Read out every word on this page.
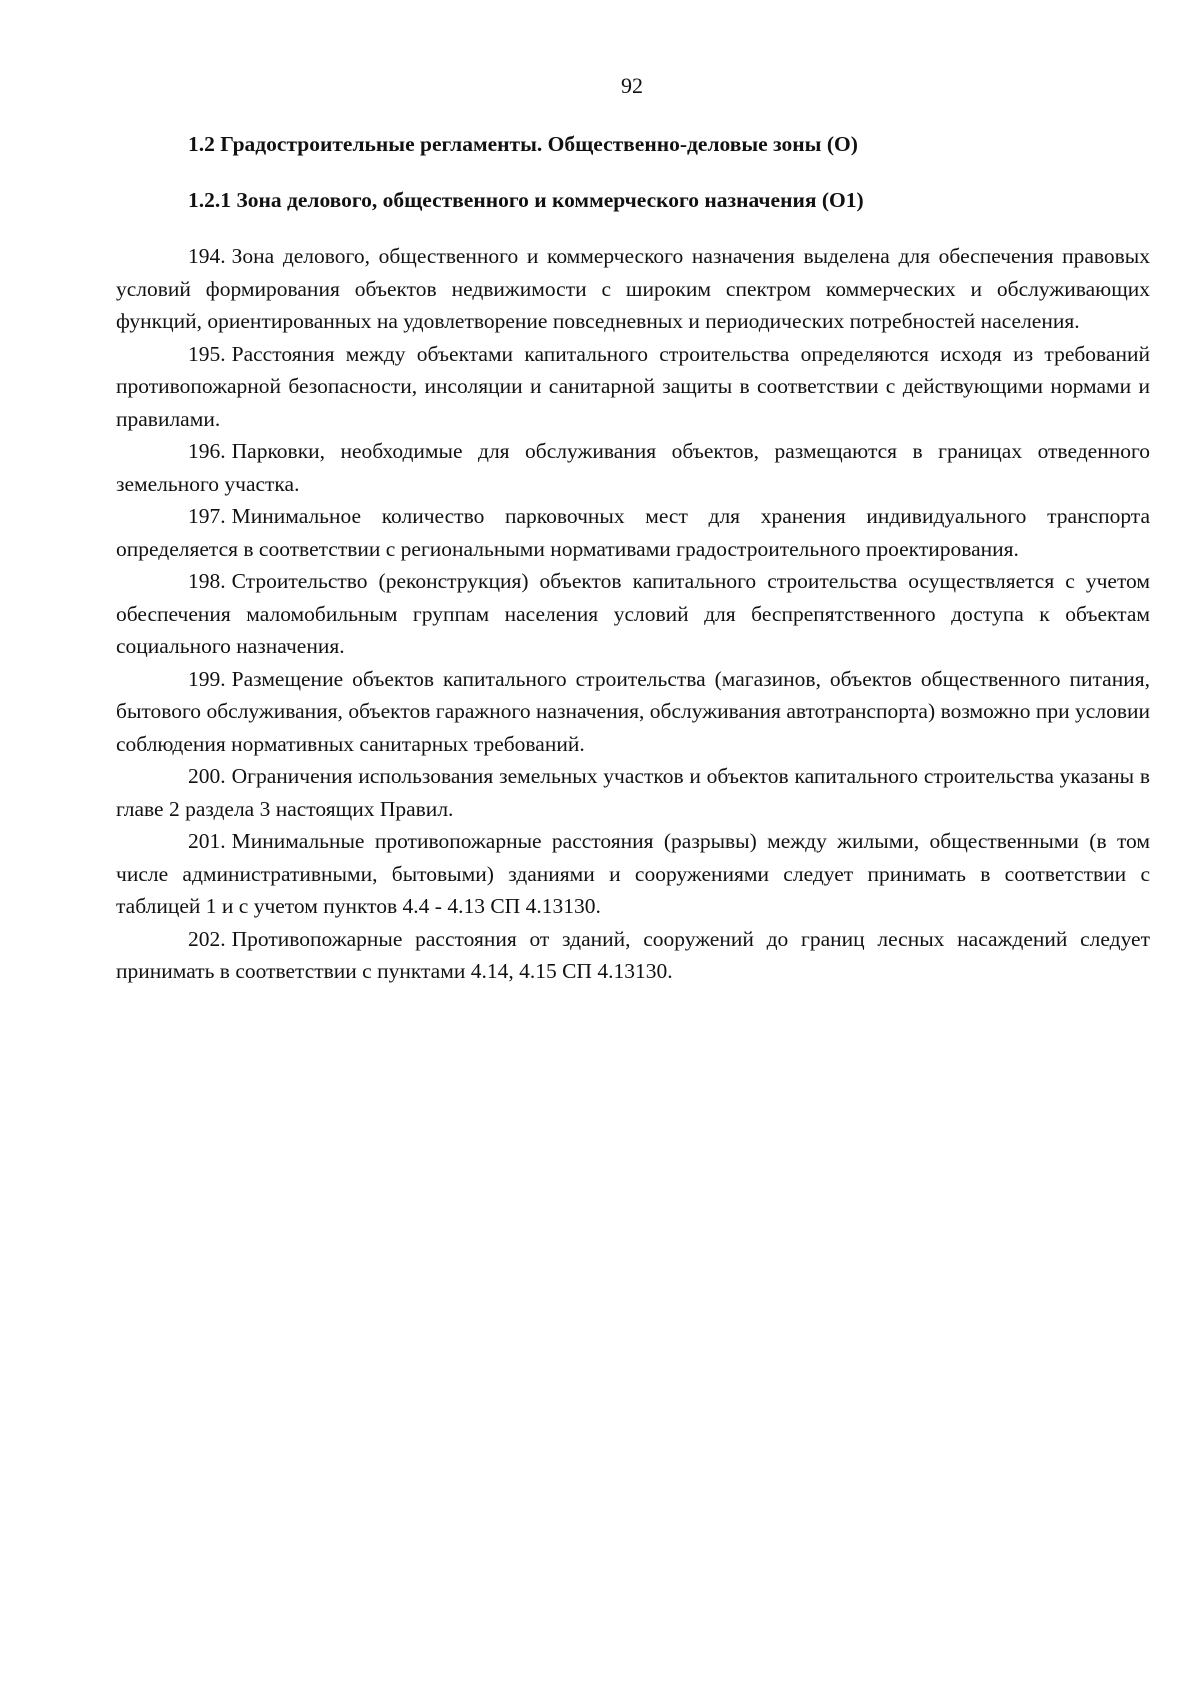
92
1.2 Градостроительные регламенты. Общественно-деловые зоны (О)
1.2.1 Зона делового, общественного и коммерческого назначения (О1)

194. Зона делового, общественного и коммерческого назначения выделена для обеспечения правовых условий формирования объектов недвижимости с широким спектром коммерческих и обслуживающих функций, ориентированных на удовлетворение повседневных и периодических потребностей населения.

195. Расстояния между объектами капитального строительства определяются исходя из требований противопожарной безопасности, инсоляции и санитарной защиты в соответствии с действующими нормами и правилами.

196. Парковки, необходимые для обслуживания объектов, размещаются в границах отведенного земельного участка.

197. Минимальное количество парковочных мест для хранения индивидуального транспорта определяется в соответствии с региональными нормативами градостроительного проектирования.

198. Строительство (реконструкция) объектов капитального строительства осуществляется с учетом обеспечения маломобильным группам населения условий для беспрепятственного доступа к объектам социального назначения.

199. Размещение объектов капитального строительства (магазинов, объектов общественного питания, бытового обслуживания, объектов гаражного назначения, обслуживания автотранспорта) возможно при условии соблюдения нормативных санитарных требований.

200. Ограничения использования земельных участков и объектов капитального строительства указаны в главе 2 раздела 3 настоящих Правил.

201. Минимальные противопожарные расстояния (разрывы) между жилыми, общественными (в том числе административными, бытовыми) зданиями и сооружениями следует принимать в соответствии с таблицей 1 и с учетом пунктов 4.4 - 4.13 СП 4.13130.

202. Противопожарные расстояния от зданий, сооружений до границ лесных насаждений следует принимать в соответствии с пунктами 4.14, 4.15 СП 4.13130.
